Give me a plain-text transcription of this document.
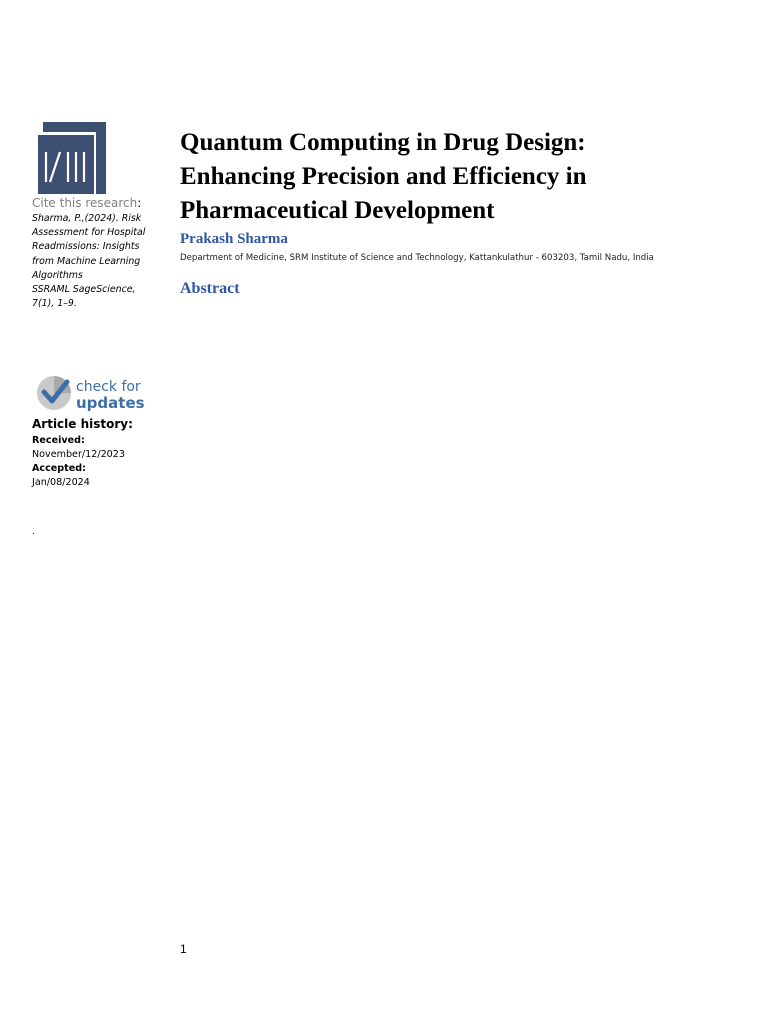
I/III
Cite this research:
Sharma, P.,(2024). Risk
Assessment for Hospital
Readmissions: Insights
from Machine Learning
Algorithms
SSRAML SageScience,
7(1), 1–9.
check for
updates
Article history:
Received:
November/12/2023
Accepted:
Jan/08/2024
.
Quantum Computing in Drug Design:
Enhancing Precision and Efficiency in
Pharmaceutical Development
Prakash Sharma
Department of Medicine, SRM Institute of Science and Technology, Kattankulathur - 603203, Tamil Nadu, India
Abstract
1
